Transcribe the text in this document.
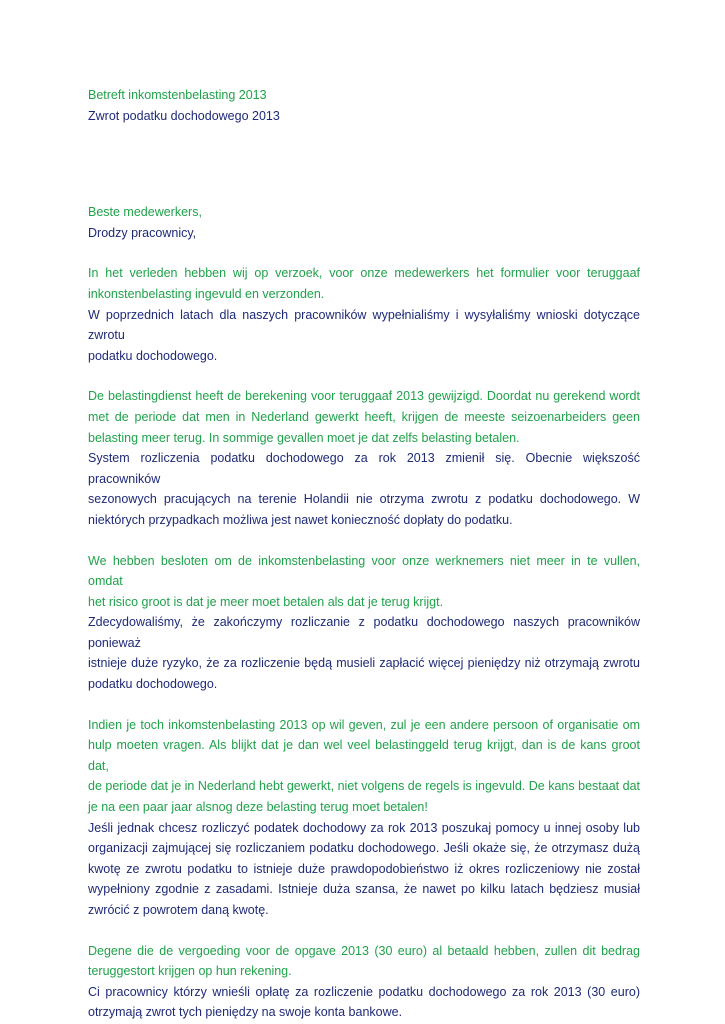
Betreft inkomstenbelasting 2013

Zwrot podatku dochodowego 2013

Beste medewerkers,

Drodzy pracownicy,

In het verleden hebben wij op verzoek, voor onze medewerkers het formulier voor teruggaaf

inkonstenbelasting ingevuld en verzonden.

W poprzednich latach dla naszych pracowników wypełnialiśmy i wysyłaliśmy wnioski dotyczące zwrotu

podatku dochodowego.

De belastingdienst heeft de berekening voor teruggaaf 2013 gewijzigd. Doordat nu gerekend wordt

met de periode dat men in Nederland gewerkt heeft, krijgen de meeste seizoenarbeiders geen

belasting meer terug. In sommige gevallen moet je dat zelfs belasting betalen.

System rozliczenia podatku dochodowego za rok 2013 zmienił się. Obecnie większość pracowników

sezonowych pracujących na terenie Holandii nie otrzyma zwrotu z podatku dochodowego. W

niektórych przypadkach możliwa jest nawet konieczność dopłaty do podatku.

We hebben besloten om de inkomstenbelasting voor onze werknemers niet meer in te vullen, omdat

het risico groot is dat je meer moet betalen als dat je terug krijgt.

Zdecydowaliśmy, że zakończymy rozliczanie z podatku dochodowego naszych pracowników ponieważ

istnieje duże ryzyko, że za rozliczenie będą musieli zapłacić więcej pieniędzy niż otrzymają zwrotu

podatku dochodowego.

Indien je toch inkomstenbelasting 2013 op wil geven, zul je een andere persoon of organisatie om

hulp moeten vragen. Als blijkt dat je dan wel veel belastinggeld terug krijgt, dan is de kans groot dat,

de periode dat je in Nederland hebt gewerkt, niet volgens de regels is ingevuld. De kans bestaat dat

je na een paar jaar alsnog deze belasting terug moet betalen!

Jeśli jednak chcesz rozliczyć podatek dochodowy za rok 2013 poszukaj pomocy u innej osoby lub

organizacji zajmującej się rozliczaniem podatku dochodowego. Jeśli okaże się, że otrzymasz dużą

kwotę ze zwrotu podatku to istnieje duże prawdopodobieństwo iż okres rozliczeniowy nie został

wypełniony zgodnie z zasadami. Istnieje duża szansa, że nawet po kilku latach będziesz musiał

zwrócić z powrotem daną kwotę.

Degene die de vergoeding voor de opgave 2013 (30 euro) al betaald hebben, zullen dit bedrag

teruggestort krijgen op hun rekening.

Ci pracownicy którzy wnieśli opłatę za rozliczenie podatku dochodowego za rok 2013 (30 euro)

otrzymają zwrot tych pieniędzy na swoje konta bankowe.
